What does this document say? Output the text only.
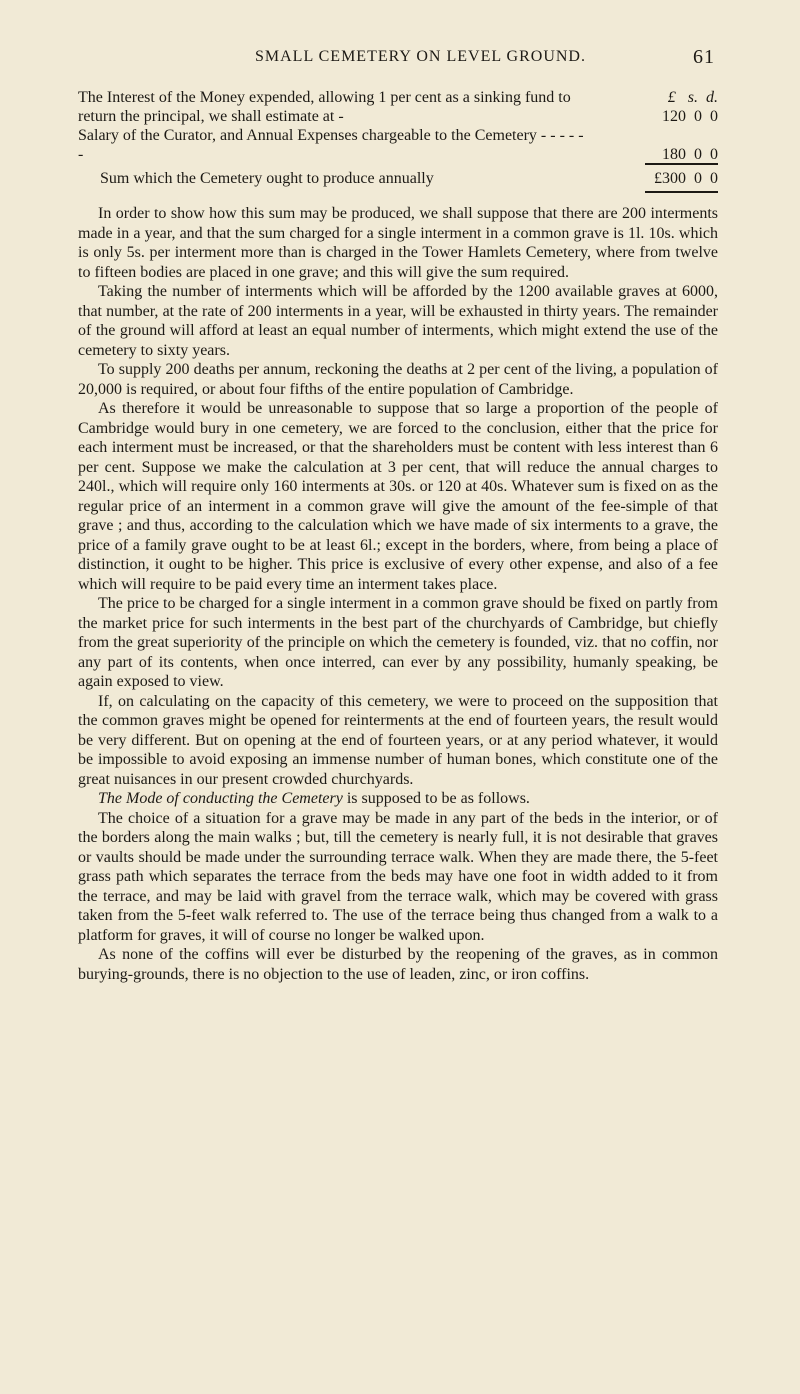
SMALL CEMETERY ON LEVEL GROUND.	61
£   s.  d.
The Interest of the Money expended, allowing 1 per cent as a sinking fund to return the principal, we shall estimate at -	120  0  0
Salary of the Curator, and Annual Expenses chargeable to the Cemetery - - - - - -	180  0  0
Sum which the Cemetery ought to produce annually	£300  0  0

In order to show how this sum may be produced, we shall suppose that there are 200 interments made in a year, and that the sum charged for a single interment in a common grave is 1l. 10s. which is only 5s. per interment more than is charged in the Tower Hamlets Cemetery, where from twelve to fifteen bodies are placed in one grave; and this will give the sum required.

Taking the number of interments which will be afforded by the 1200 available graves at 6000, that number, at the rate of 200 interments in a year, will be exhausted in thirty years. The remainder of the ground will afford at least an equal number of interments, which might extend the use of the cemetery to sixty years.

To supply 200 deaths per annum, reckoning the deaths at 2 per cent of the living, a population of 20,000 is required, or about four fifths of the entire population of Cambridge.

As therefore it would be unreasonable to suppose that so large a proportion of the people of Cambridge would bury in one cemetery, we are forced to the conclusion, either that the price for each interment must be increased, or that the shareholders must be content with less interest than 6 per cent. Suppose we make the calculation at 3 per cent, that will reduce the annual charges to 240l., which will require only 160 interments at 30s. or 120 at 40s. Whatever sum is fixed on as the regular price of an interment in a common grave will give the amount of the fee-simple of that grave ; and thus, according to the calculation which we have made of six interments to a grave, the price of a family grave ought to be at least 6l.; except in the borders, where, from being a place of distinction, it ought to be higher. This price is exclusive of every other expense, and also of a fee which will require to be paid every time an interment takes place.

The price to be charged for a single interment in a common grave should be fixed on partly from the market price for such interments in the best part of the churchyards of Cambridge, but chiefly from the great superiority of the principle on which the cemetery is founded, viz. that no coffin, nor any part of its contents, when once interred, can ever by any possibility, humanly speaking, be again exposed to view.

If, on calculating on the capacity of this cemetery, we were to proceed on the supposition that the common graves might be opened for reinterments at the end of fourteen years, the result would be very different. But on opening at the end of fourteen years, or at any period whatever, it would be impossible to avoid exposing an immense number of human bones, which constitute one of the great nuisances in our present crowded churchyards.

The Mode of conducting the Cemetery is supposed to be as follows.

The choice of a situation for a grave may be made in any part of the beds in the interior, or of the borders along the main walks ; but, till the cemetery is nearly full, it is not desirable that graves or vaults should be made under the surrounding terrace walk. When they are made there, the 5-feet grass path which separates the terrace from the beds may have one foot in width added to it from the terrace, and may be laid with gravel from the terrace walk, which may be covered with grass taken from the 5-feet walk referred to. The use of the terrace being thus changed from a walk to a platform for graves, it will of course no longer be walked upon.

As none of the coffins will ever be disturbed by the reopening of the graves, as in common burying-grounds, there is no objection to the use of leaden, zinc, or iron coffins.
